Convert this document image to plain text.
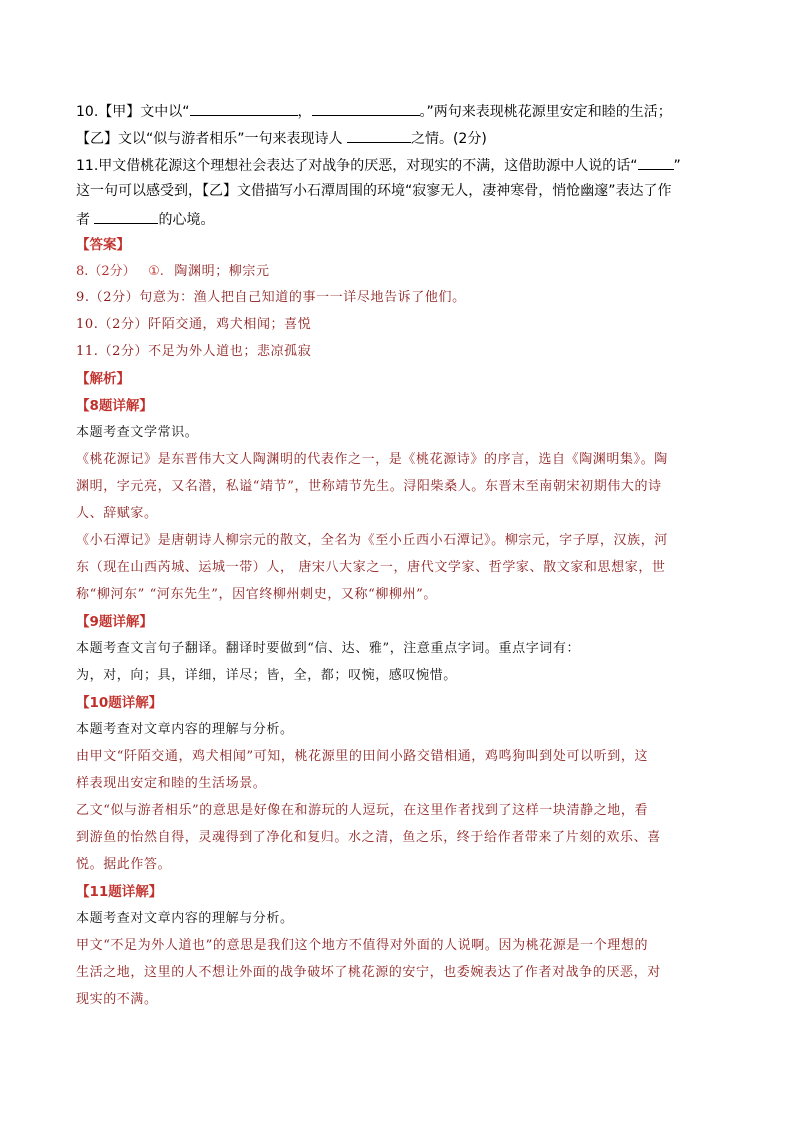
10.【甲】文中以“	，	。”两句来表现桃花源里安定和睦的生活；
【乙】文以“似与游者相乐”一句来表现诗人	之情。(2分)
11.甲文借桃花源这个理想社会表达了对战争的厌恶，对现实的不满，这借助源中人说的话“	”
这一句可以感受到，【乙】文借描写小石潭周围的环境“寂寥无人，凄神寒骨，悄怆幽邃”表达了作
者	的心境。
【答案】
8.（2分） ①. 陶渊明；柳宗元
9.（2分）句意为：渔人把自己知道的事一一详尽地告诉了他们。
10.（2分）阡陌交通，鸡犬相闻；喜悦
11.（2分）不足为外人道也；悲凉孤寂
【解析】
【8题详解】
本题考查文学常识。
《桃花源记》是东晋伟大文人陶渊明的代表作之一，是《桃花源诗》的序言，选自《陶渊明集》。陶
渊明，字元亮，又名潜，私谥“靖节”，世称靖节先生。浔阳柴桑人。东晋末至南朝宋初期伟大的诗
人、辞赋家。
《小石潭记》是唐朝诗人柳宗元的散文，全名为《至小丘西小石潭记》。柳宗元，字子厚，汉族，河
东（现在山西芮城、运城一带）人， 唐宋八大家之一，唐代文学家、哲学家、散文家和思想家，世
称“柳河东” “河东先生”，因官终柳州刺史，又称“柳柳州”。
【9题详解】
本题考查文言句子翻译。翻译时要做到“信、达、雅”，注意重点字词。重点字词有：
为，对，向；具，详细，详尽；皆，全，都；叹惋，感叹惋惜。
【10题详解】
本题考查对文章内容的理解与分析。
由甲文“阡陌交通，鸡犬相闻”可知，桃花源里的田间小路交错相通，鸡鸣狗叫到处可以听到，这
样表现出安定和睦的生活场景。
乙文“似与游者相乐”的意思是好像在和游玩的人逗玩，在这里作者找到了这样一块清静之地，看
到游鱼的怡然自得，灵魂得到了净化和复归。水之清，鱼之乐，终于给作者带来了片刻的欢乐、喜
悦。据此作答。
【11题详解】
本题考查对文章内容的理解与分析。
甲文“不足为外人道也”的意思是我们这个地方不值得对外面的人说啊。因为桃花源是一个理想的
生活之地，这里的人不想让外面的战争破坏了桃花源的安宁，也委婉表达了作者对战争的厌恶，对
现实的不满。
